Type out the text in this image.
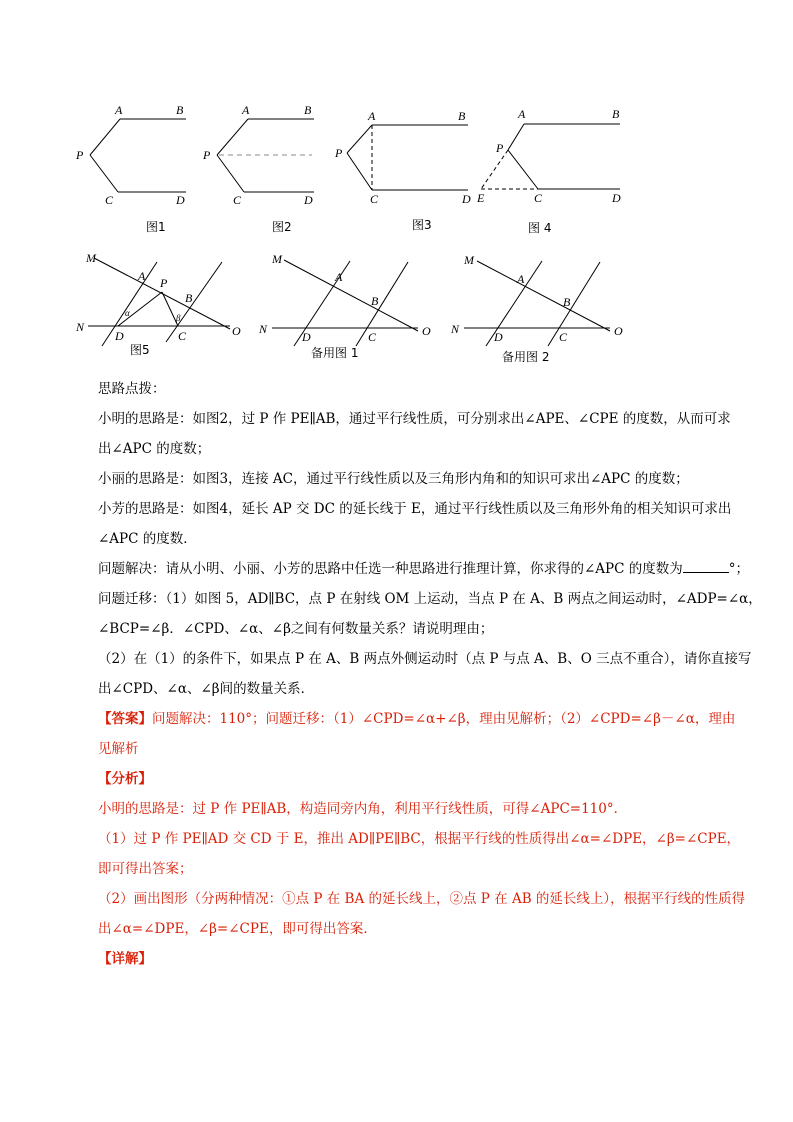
A	B
P
C	D
图1
A	B
P
C	D
图2
A	B
P
C	D
图3
A	B
P
C	D
E
图 4
M
A P
B
N
D	C	O
α	β
图5
M
A
B
N
D	C	O
备用图 1
M
A
B
N
D	C	O
备用图 2
思路点拨：
小明的思路是：如图2，过 P 作 PE∥AB，通过平行线性质，可分别求出∠APE、∠CPE 的度数，从而可求
出∠APC 的度数；
小丽的思路是：如图3，连接 AC，通过平行线性质以及三角形内角和的知识可求出∠APC 的度数；
小芳的思路是：如图4，延长 AP 交 DC 的延长线于 E，通过平行线性质以及三角形外角的相关知识可求出
∠APC 的度数．
问题解决：请从小明、小丽、小芳的思路中任选一种思路进行推理计算，你求得的∠APC 的度数为	°；
问题迁移：（1）如图 5，AD∥BC，点 P 在射线 OM 上运动，当点 P 在 A、B 两点之间运动时，∠ADP=∠α，
∠BCP=∠β．∠CPD、∠α、∠β之间有何数量关系？请说明理由；
（2）在（1）的条件下，如果点 P 在 A、B 两点外侧运动时（点 P 与点 A、B、O 三点不重合），请你直接写
出∠CPD、∠α、∠β间的数量关系．
【答案】问题解决：110°；问题迁移：（1）∠CPD=∠α+∠β，理由见解析；（2）∠CPD=∠β－∠α，理由
见解析
【分析】
小明的思路是：过 P 作 PE∥AB，构造同旁内角，利用平行线性质，可得∠APC=110°．
（1）过 P 作 PE∥AD 交 CD 于 E，推出 AD∥PE∥BC，根据平行线的性质得出∠α=∠DPE，∠β=∠CPE，
即可得出答案；
（2）画出图形（分两种情况：①点 P 在 BA 的延长线上，②点 P 在 AB 的延长线上），根据平行线的性质得
出∠α=∠DPE，∠β=∠CPE，即可得出答案．
【详解】
